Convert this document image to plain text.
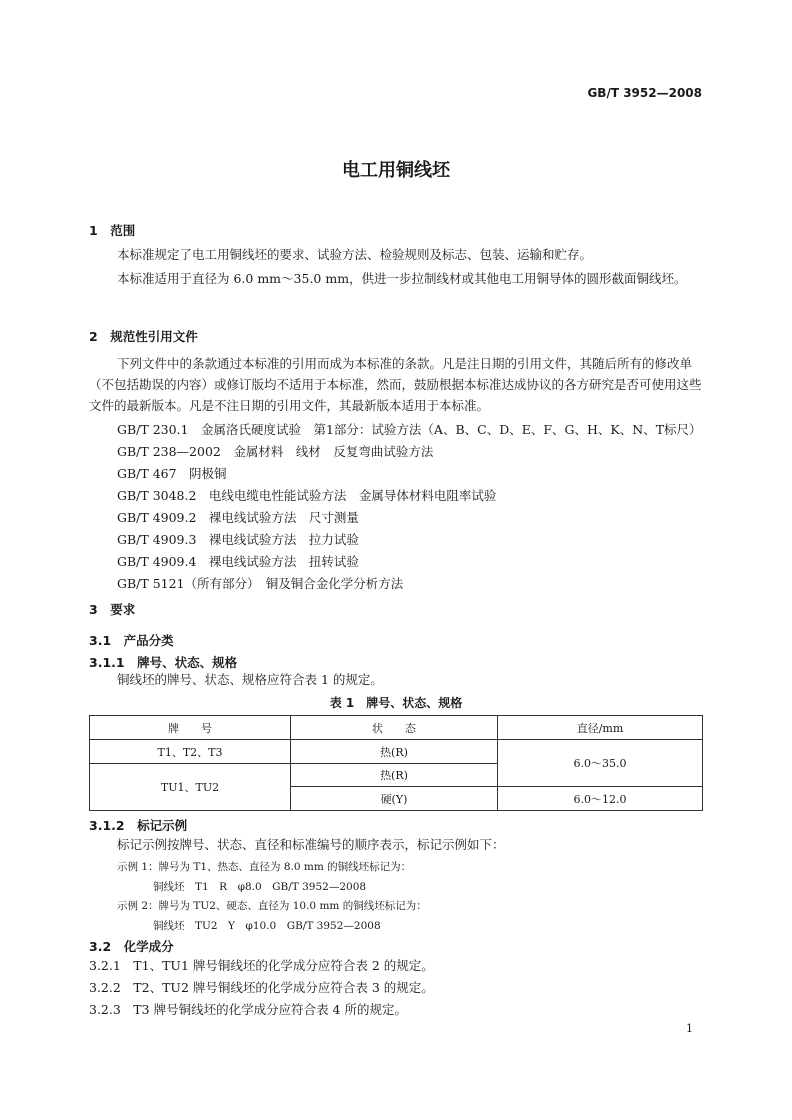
GB/T 3952—2008
电工用铜线坯
1　范围
本标准规定了电工用铜线坯的要求、试验方法、检验规则及标志、包装、运输和贮存。
本标准适用于直径为 6.0 mm～35.0 mm，供进一步拉制线材或其他电工用铜导体的圆形截面铜线坯。
2　规范性引用文件
下列文件中的条款通过本标准的引用而成为本标准的条款。凡是注日期的引用文件，其随后所有的修改单（不包括勘误的内容）或修订版均不适用于本标准，然而，鼓励根据本标准达成协议的各方研究是否可使用这些文件的最新版本。凡是不注日期的引用文件，其最新版本适用于本标准。
GB/T 230.1　金属洛氏硬度试验　第1部分：试验方法（A、B、C、D、E、F、G、H、K、N、T标尺）
GB/T 238—2002　金属材料　线材　反复弯曲试验方法
GB/T 467　阴极铜
GB/T 3048.2　电线电缆电性能试验方法　金属导体材料电阻率试验
GB/T 4909.2　裸电线试验方法　尺寸测量
GB/T 4909.3　裸电线试验方法　拉力试验
GB/T 4909.4　裸电线试验方法　扭转试验
GB/T 5121（所有部分）　铜及铜合金化学分析方法
3　要求
3.1　产品分类
3.1.1　牌号、状态、规格
铜线坯的牌号、状态、规格应符合表 1 的规定。
表 1　牌号、状态、规格
牌　　号	状　　态	直径/mm
T1、T2、T3	热(R)	6.0～35.0
TU1、TU2	热(R)	
	硬(Y)	6.0～12.0
3.1.2　标记示例
标记示例按牌号、状态、直径和标准编号的顺序表示，标记示例如下：
示例 1：牌号为 T1、热态、直径为 8.0 mm 的铜线坯标记为：
铜线坯　T1　R　φ8.0　GB/T 3952—2008
示例 2：牌号为 TU2、硬态、直径为 10.0 mm 的铜线坯标记为：
铜线坯　TU2　Y　φ10.0　GB/T 3952—2008
3.2　化学成分
3.2.1　T1、TU1 牌号铜线坯的化学成分应符合表 2 的规定。
3.2.2　T2、TU2 牌号铜线坯的化学成分应符合表 3 的规定。
3.2.3　T3 牌号铜线坯的化学成分应符合表 4 所的规定。
1
